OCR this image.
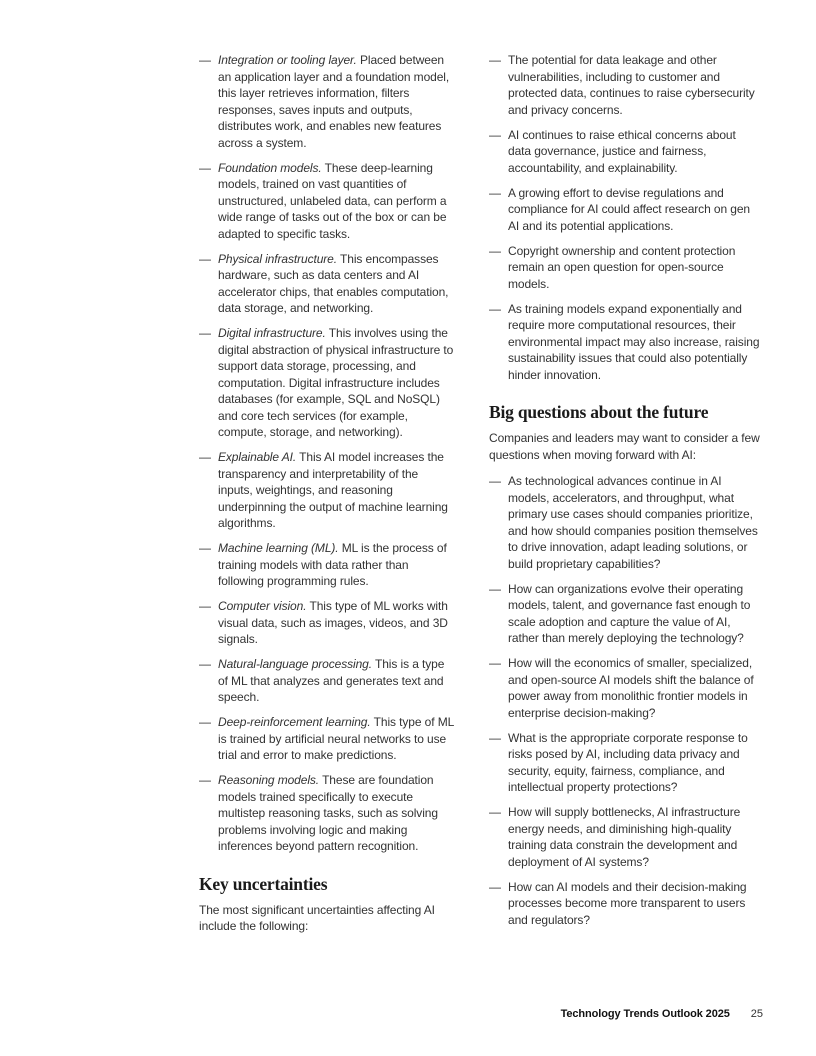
— Integration or tooling layer. Placed between an application layer and a foundation model, this layer retrieves information, filters responses, saves inputs and outputs, distributes work, and enables new features across a system.

— Foundation models. These deep-learning models, trained on vast quantities of unstructured, unlabeled data, can perform a wide range of tasks out of the box or can be adapted to specific tasks.

— Physical infrastructure. This encompasses hardware, such as data centers and AI accelerator chips, that enables computation, data storage, and networking.

— Digital infrastructure. This involves using the digital abstraction of physical infrastructure to support data storage, processing, and computation. Digital infrastructure includes databases (for example, SQL and NoSQL) and core tech services (for example, compute, storage, and networking).

— Explainable AI. This AI model increases the transparency and interpretability of the inputs, weightings, and reasoning underpinning the output of machine learning algorithms.

— Machine learning (ML). ML is the process of training models with data rather than following programming rules.

— Computer vision. This type of ML works with visual data, such as images, videos, and 3D signals.

— Natural-language processing. This is a type of ML that analyzes and generates text and speech.

— Deep-reinforcement learning. This type of ML is trained by artificial neural networks to use trial and error to make predictions.

— Reasoning models. These are foundation models trained specifically to execute multistep reasoning tasks, such as solving problems involving logic and making inferences beyond pattern recognition.

Key uncertainties

The most significant uncertainties affecting AI include the following:

— The potential for data leakage and other vulnerabilities, including to customer and protected data, continues to raise cybersecurity and privacy concerns.

— AI continues to raise ethical concerns about data governance, justice and fairness, accountability, and explainability.

— A growing effort to devise regulations and compliance for AI could affect research on gen AI and its potential applications.

— Copyright ownership and content protection remain an open question for open-source models.

— As training models expand exponentially and require more computational resources, their environmental impact may also increase, raising sustainability issues that could also potentially hinder innovation.

Big questions about the future

Companies and leaders may want to consider a few questions when moving forward with AI:

— As technological advances continue in AI models, accelerators, and throughput, what primary use cases should companies prioritize, and how should companies position themselves to drive innovation, adapt leading solutions, or build proprietary capabilities?

— How can organizations evolve their operating models, talent, and governance fast enough to scale adoption and capture the value of AI, rather than merely deploying the technology?

— How will the economics of smaller, specialized, and open-source AI models shift the balance of power away from monolithic frontier models in enterprise decision-making?

— What is the appropriate corporate response to risks posed by AI, including data privacy and security, equity, fairness, compliance, and intellectual property protections?

— How will supply bottlenecks, AI infrastructure energy needs, and diminishing high-quality training data constrain the development and deployment of AI systems?

— How can AI models and their decision-making processes become more transparent to users and regulators?

Technology Trends Outlook 2025 25
